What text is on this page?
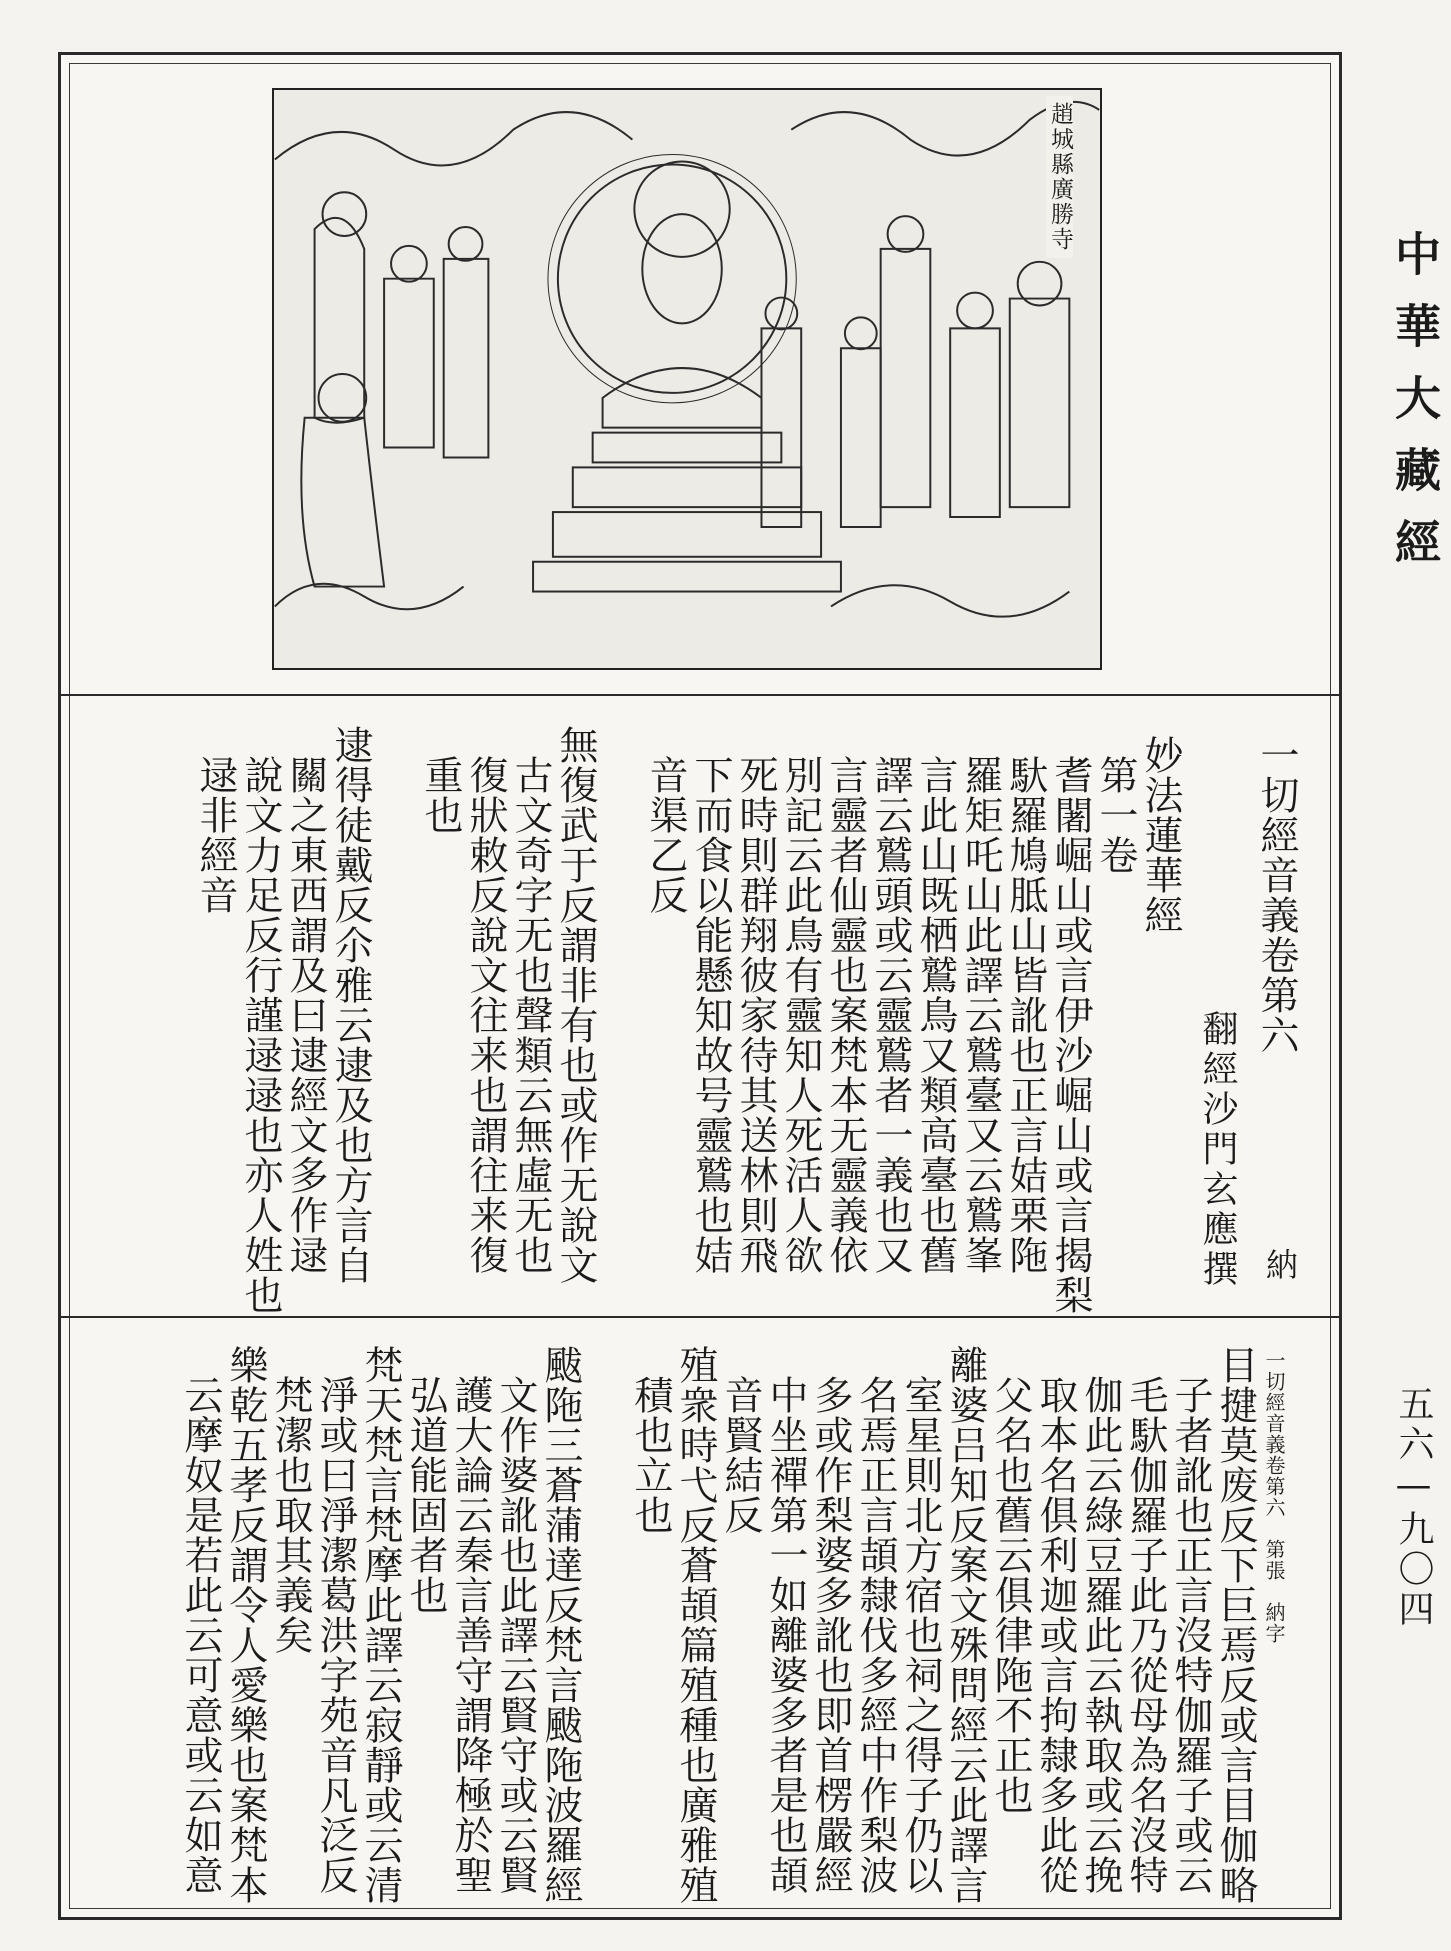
趙城縣廣勝寺
中華大藏經
五六—九〇四
一切經音義卷第六
翻經沙門玄應撰 納
妙法蓮華經
第一卷
耆闍崛山或言伊沙崛山或言揭梨
馱羅鳩胝山皆訛也正言姞栗陁
羅矩吒山此譯云鷲臺又云鷲峯
言此山既栖鷲鳥又類高臺也舊
譯云鷲頭或云靈鷲者一義也又
言靈者仙靈也案梵本无靈義依
別記云此鳥有靈知人死活人欲
死時則群翔彼家待其送林則飛
下而食以能懸知故号靈鷲也姞
音渠乙反
無復武于反謂非有也或作无說文
古文奇字无也聲類云無虛无也
復狀敕反說文往来也謂往来復
重也
逮得徒戴反尒雅云逮及也方言自
關之東西謂及曰逮經文多作逯
說文力足反行謹逯逯也亦人姓也
逯非經音
一切經音義卷第六　第張　納字
目揵莫废反下巨焉反或言目伽略
子者訛也正言沒特伽羅子或云
毛馱伽羅子此乃從母為名沒特
伽此云綠豆羅此云執取或云挽
取本名俱利迦或言拘隸多此從
父名也舊云俱律陁不正也
離婆吕知反案文殊問經云此譯言
室星則北方宿也祠之得子仍以
名焉正言頡隸伐多經中作梨波
多或作梨婆多訛也即首楞嚴經
中坐禪第一如離婆多者是也頡
音賢結反
殖衆時弋反蒼頡篇殖種也廣雅殖
積也立也
颰陁三蒼蒲達反梵言颰陁波羅經
文作婆訛也此譯云賢守或云賢
護大論云秦言善守謂降極於聖
弘道能固者也
梵天梵言梵摩此譯云寂靜或云清
淨或曰淨潔葛洪字苑音凡泛反
梵潔也取其義矣
樂乾五孝反謂令人愛樂也案梵本
云摩奴是若此云可意或云如意
